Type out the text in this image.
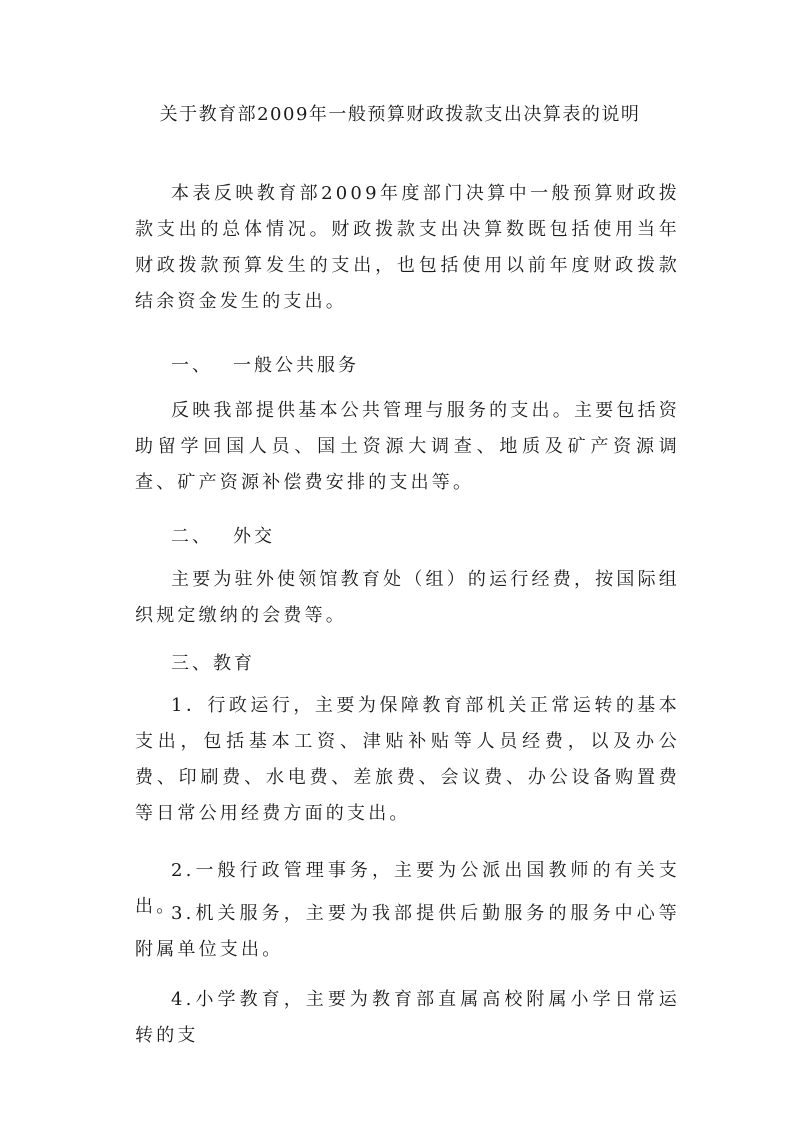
关于教育部2009年一般预算财政拨款支出决算表的说明

本表反映教育部2009年度部门决算中一般预算财政拨款支出的总体情况。财政拨款支出决算数既包括使用当年财政拨款预算发生的支出，也包括使用以前年度财政拨款结余资金发生的支出。

一、 一般公共服务

反映我部提供基本公共管理与服务的支出。主要包括资助留学回国人员、国土资源大调查、地质及矿产资源调查、矿产资源补偿费安排的支出等。

二、 外交

主要为驻外使领馆教育处（组）的运行经费，按国际组织规定缴纳的会费等。

三、教育

1．行政运行，主要为保障教育部机关正常运转的基本支出，包括基本工资、津贴补贴等人员经费，以及办公费、印刷费、水电费、差旅费、会议费、办公设备购置费等日常公用经费方面的支出。

2.一般行政管理事务，主要为公派出国教师的有关支出。

3.机关服务，主要为我部提供后勤服务的服务中心等附属单位支出。

4.小学教育，主要为教育部直属高校附属小学日常运转的支
